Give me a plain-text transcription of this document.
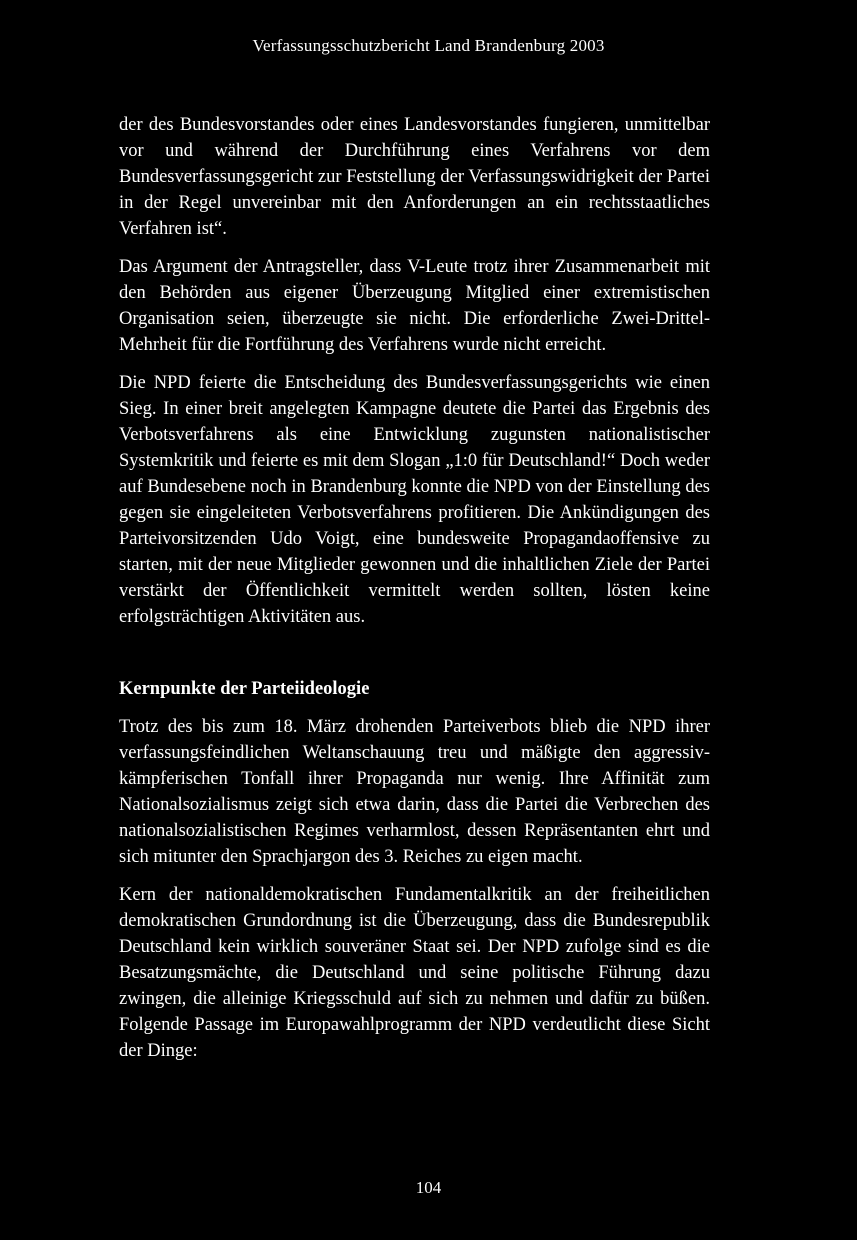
Verfassungsschutzbericht Land Brandenburg 2003

der des Bundesvorstandes oder eines Landesvorstandes fungieren, unmittelbar vor und während der Durchführung eines Verfahrens vor dem Bundesverfassungsgericht zur Feststellung der Verfassungswidrigkeit der Partei in der Regel unvereinbar mit den Anforderungen an ein rechtsstaatliches Verfahren ist“.

Das Argument der Antragsteller, dass V-Leute trotz ihrer Zusammenarbeit mit den Behörden aus eigener Überzeugung Mitglied einer extremistischen Organisation seien, überzeugte sie nicht. Die erforderliche Zwei-Drittel-Mehrheit für die Fortführung des Verfahrens wurde nicht erreicht.

Die NPD feierte die Entscheidung des Bundesverfassungsgerichts wie einen Sieg. In einer breit angelegten Kampagne deutete die Partei das Ergebnis des Verbotsverfahrens als eine Entwicklung zugunsten nationalistischer Systemkritik und feierte es mit dem Slogan „1:0 für Deutschland!“ Doch weder auf Bundesebene noch in Brandenburg konnte die NPD von der Einstellung des gegen sie eingeleiteten Verbotsverfahrens profitieren. Die Ankündigungen des Parteivorsitzenden Udo Voigt, eine bundesweite Propagandaoffensive zu starten, mit der neue Mitglieder gewonnen und die inhaltlichen Ziele der Partei verstärkt der Öffentlichkeit vermittelt werden sollten, lösten keine erfolgsträchtigen Aktivitäten aus.

Kernpunkte der Parteiideologie

Trotz des bis zum 18. März drohenden Parteiverbots blieb die NPD ihrer verfassungsfeindlichen Weltanschauung treu und mäßigte den aggressiv-kämpferischen Tonfall ihrer Propaganda nur wenig. Ihre Affinität zum Nationalsozialismus zeigt sich etwa darin, dass die Partei die Verbrechen des nationalsozialistischen Regimes verharmlost, dessen Repräsentanten ehrt und sich mitunter den Sprachjargon des 3. Reiches zu eigen macht.

Kern der nationaldemokratischen Fundamentalkritik an der freiheitlichen demokratischen Grundordnung ist die Überzeugung, dass die Bundesrepublik Deutschland kein wirklich souveräner Staat sei. Der NPD zufolge sind es die Besatzungsmächte, die Deutschland und seine politische Führung dazu zwingen, die alleinige Kriegsschuld auf sich zu nehmen und dafür zu büßen. Folgende Passage im Europawahlprogramm der NPD verdeutlicht diese Sicht der Dinge:

104
